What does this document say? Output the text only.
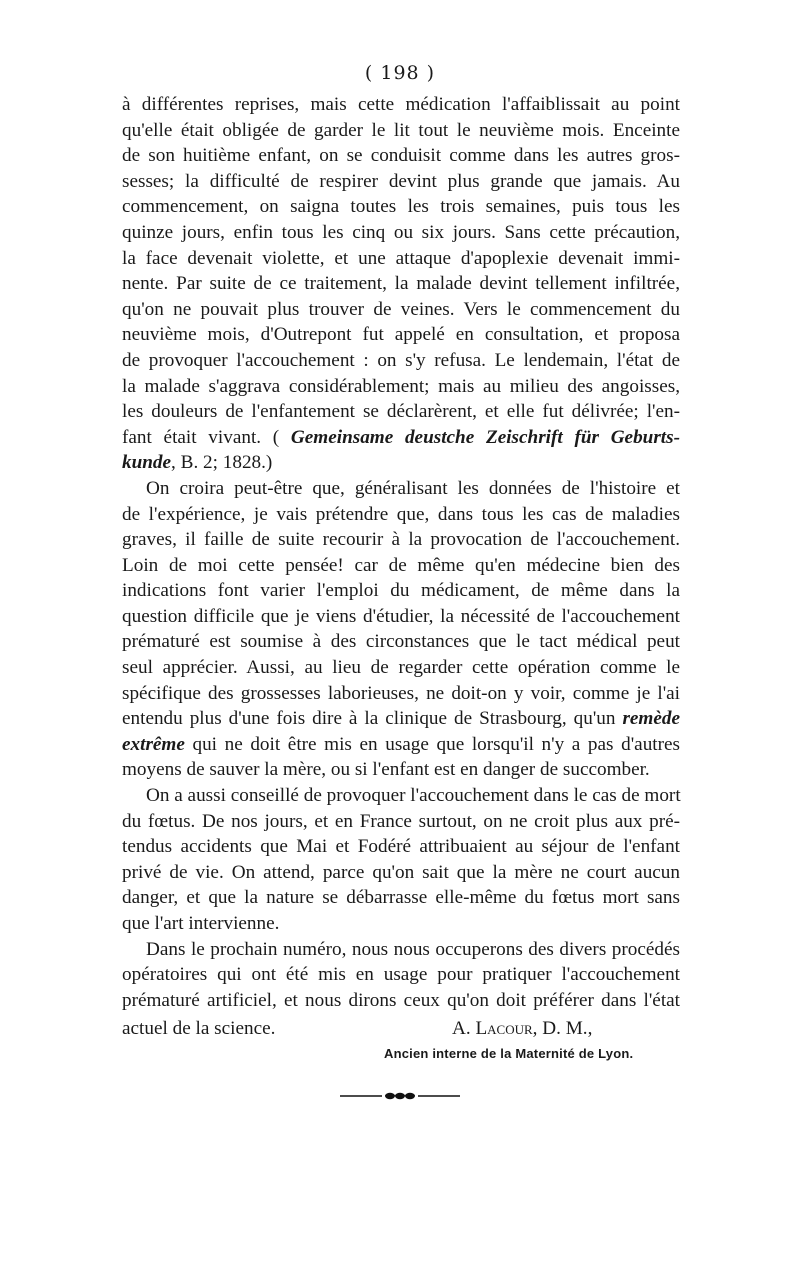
( 198 )
à différentes reprises, mais cette médication l'affaiblissait au point
qu'elle était obligée de garder le lit tout le neuvième mois. Enceinte
de son huitième enfant, on se conduisit comme dans les autres gros-
sesses; la difficulté de respirer devint plus grande que jamais. Au
commencement, on saigna toutes les trois semaines, puis tous les
quinze jours, enfin tous les cinq ou six jours. Sans cette précaution,
la face devenait violette, et une attaque d'apoplexie devenait immi-
nente. Par suite de ce traitement, la malade devint tellement infiltrée,
qu'on ne pouvait plus trouver de veines. Vers le commencement du
neuvième mois, d'Outrepont fut appelé en consultation, et proposa
de provoquer l'accouchement : on s'y refusa. Le lendemain, l'état de
la malade s'aggrava considérablement; mais au milieu des angoisses,
les douleurs de l'enfantement se déclarèrent, et elle fut délivrée; l'en-
fant était vivant. ( Gemeinsame deustche Zeischrift für Geburts-
kunde, B. 2; 1828.)
On croira peut-être que, généralisant les données de l'histoire et
de l'expérience, je vais prétendre que, dans tous les cas de maladies
graves, il faille de suite recourir à la provocation de l'accouchement.
Loin de moi cette pensée! car de même qu'en médecine bien des
indications font varier l'emploi du médicament, de même dans la
question difficile que je viens d'étudier, la nécessité de l'accouchement
prématuré est soumise à des circonstances que le tact médical peut
seul apprécier. Aussi, au lieu de regarder cette opération comme le
spécifique des grossesses laborieuses, ne doit-on y voir, comme je l'ai
entendu plus d'une fois dire à la clinique de Strasbourg, qu'un remède
extrême qui ne doit être mis en usage que lorsqu'il n'y a pas d'autres
moyens de sauver la mère, ou si l'enfant est en danger de succomber.
On a aussi conseillé de provoquer l'accouchement dans le cas de mort
du fœtus. De nos jours, et en France surtout, on ne croit plus aux pré-
tendus accidents que Mai et Fodéré attribuaient au séjour de l'enfant
privé de vie. On attend, parce qu'on sait que la mère ne court aucun
danger, et que la nature se débarrasse elle-même du fœtus mort sans
que l'art intervienne.
Dans le prochain numéro, nous nous occuperons des divers procédés
opératoires qui ont été mis en usage pour pratiquer l'accouchement
prématuré artificiel, et nous dirons ceux qu'on doit préférer dans l'état
actuel de la science.	A. Lacour, D. M.,
Ancien interne de la Maternité de Lyon.
